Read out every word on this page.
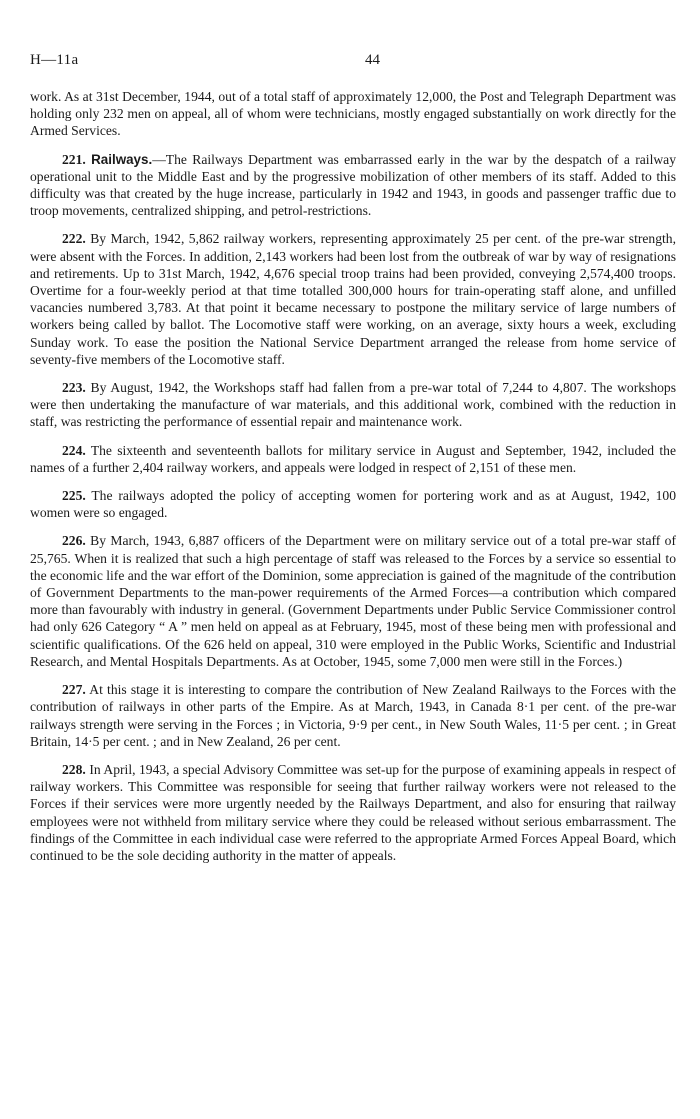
H—11a	44

work. As at 31st December, 1944, out of a total staff of approximately 12,000, the Post and Telegraph Department was holding only 232 men on appeal, all of whom were technicians, mostly engaged substantially on work directly for the Armed Services.

221. Railways.—The Railways Department was embarrassed early in the war by the despatch of a railway operational unit to the Middle East and by the progressive mobilization of other members of its staff. Added to this difficulty was that created by the huge increase, particularly in 1942 and 1943, in goods and passenger traffic due to troop movements, centralized shipping, and petrol-restrictions.

222. By March, 1942, 5,862 railway workers, representing approximately 25 per cent. of the pre-war strength, were absent with the Forces. In addition, 2,143 workers had been lost from the outbreak of war by way of resignations and retirements. Up to 31st March, 1942, 4,676 special troop trains had been provided, conveying 2,574,400 troops. Overtime for a four-weekly period at that time totalled 300,000 hours for train-operating staff alone, and unfilled vacancies numbered 3,783. At that point it became necessary to postpone the military service of large numbers of workers being called by ballot. The Locomotive staff were working, on an average, sixty hours a week, excluding Sunday work. To ease the position the National Service Department arranged the release from home service of seventy-five members of the Locomotive staff.

223. By August, 1942, the Workshops staff had fallen from a pre-war total of 7,244 to 4,807. The workshops were then undertaking the manufacture of war materials, and this additional work, combined with the reduction in staff, was restricting the performance of essential repair and maintenance work.

224. The sixteenth and seventeenth ballots for military service in August and September, 1942, included the names of a further 2,404 railway workers, and appeals were lodged in respect of 2,151 of these men.

225. The railways adopted the policy of accepting women for portering work and as at August, 1942, 100 women were so engaged.

226. By March, 1943, 6,887 officers of the Department were on military service out of a total pre-war staff of 25,765. When it is realized that such a high percentage of staff was released to the Forces by a service so essential to the economic life and the war effort of the Dominion, some appreciation is gained of the magnitude of the contribution of Government Departments to the man-power requirements of the Armed Forces—a contribution which compared more than favourably with industry in general. (Government Departments under Public Service Commissioner control had only 626 Category “ A ” men held on appeal as at February, 1945, most of these being men with professional and scientific qualifications. Of the 626 held on appeal, 310 were employed in the Public Works, Scientific and Industrial Research, and Mental Hospitals Departments. As at October, 1945, some 7,000 men were still in the Forces.)

227. At this stage it is interesting to compare the contribution of New Zealand Railways to the Forces with the contribution of railways in other parts of the Empire. As at March, 1943, in Canada 8·1 per cent. of the pre-war railways strength were serving in the Forces ; in Victoria, 9·9 per cent., in New South Wales, 11·5 per cent. ; in Great Britain, 14·5 per cent. ; and in New Zealand, 26 per cent.

228. In April, 1943, a special Advisory Committee was set-up for the purpose of examining appeals in respect of railway workers. This Committee was responsible for seeing that further railway workers were not released to the Forces if their services were more urgently needed by the Railways Department, and also for ensuring that railway employees were not withheld from military service where they could be released without serious embarrassment. The findings of the Committee in each individual case were referred to the appropriate Armed Forces Appeal Board, which continued to be the sole deciding authority in the matter of appeals.
